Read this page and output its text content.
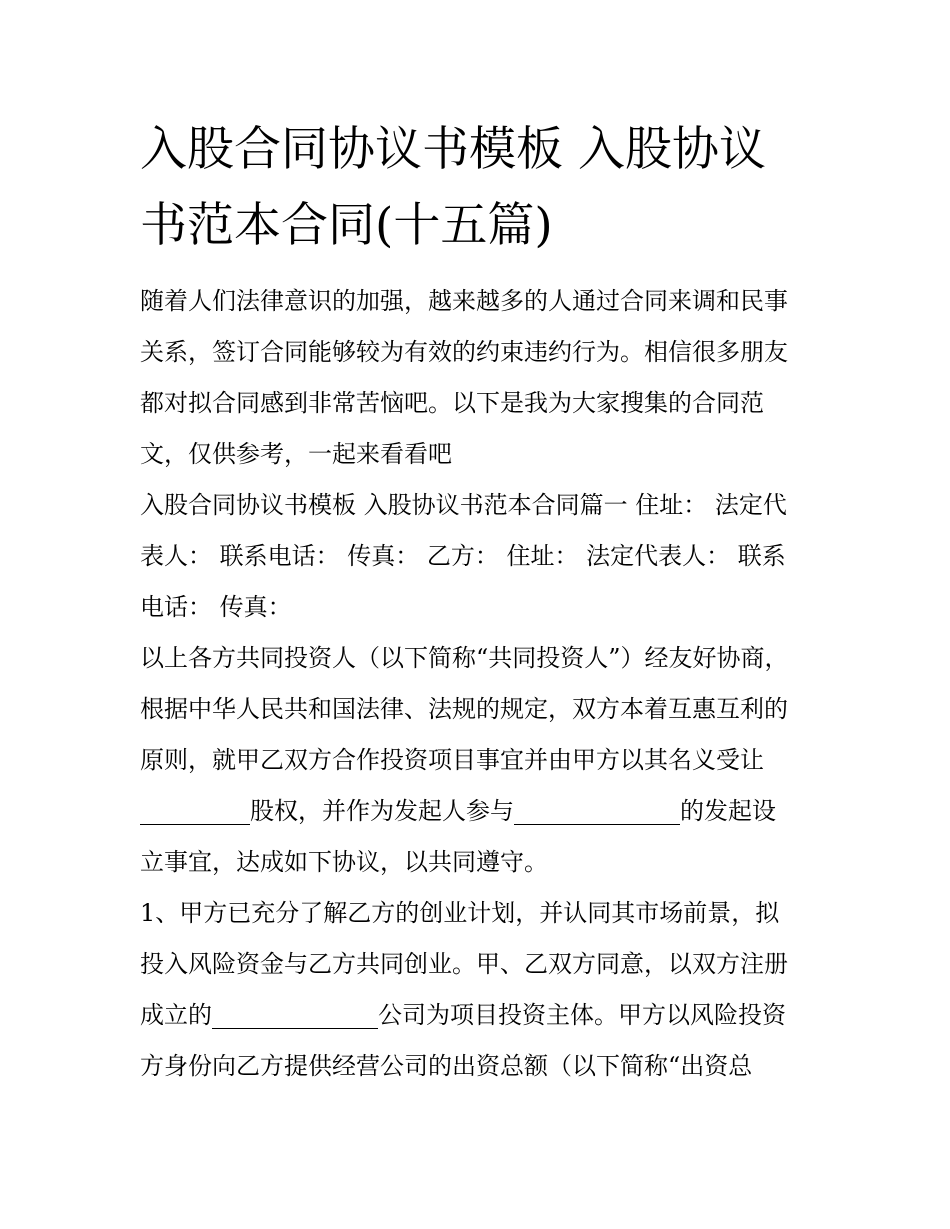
入股合同协议书模板 入股协议
书范本合同(十五篇)
随着人们法律意识的加强，越来越多的人通过合同来调和民事
关系，签订合同能够较为有效的约束违约行为。相信很多朋友
都对拟合同感到非常苦恼吧。以下是我为大家搜集的合同范
文，仅供参考，一起来看看吧
入股合同协议书模板 入股协议书范本合同篇一 住址： 法定代
表人： 联系电话： 传真： 乙方： 住址： 法定代表人： 联系
电话： 传真：
以上各方共同投资人（以下简称“共同投资人”）经友好协商，
根据中华人民共和国法律、法规的规定，双方本着互惠互利的
原则，就甲乙双方合作投资项目事宜并由甲方以其名义受让
股权，并作为发起人参与	的发起设
立事宜，达成如下协议，以共同遵守。
1、甲方已充分了解乙方的创业计划，并认同其市场前景，拟
投入风险资金与乙方共同创业。甲、乙双方同意，以双方注册
成立的	公司为项目投资主体。甲方以风险投资
方身份向乙方提供经营公司的出资总额（以下简称“出资总
